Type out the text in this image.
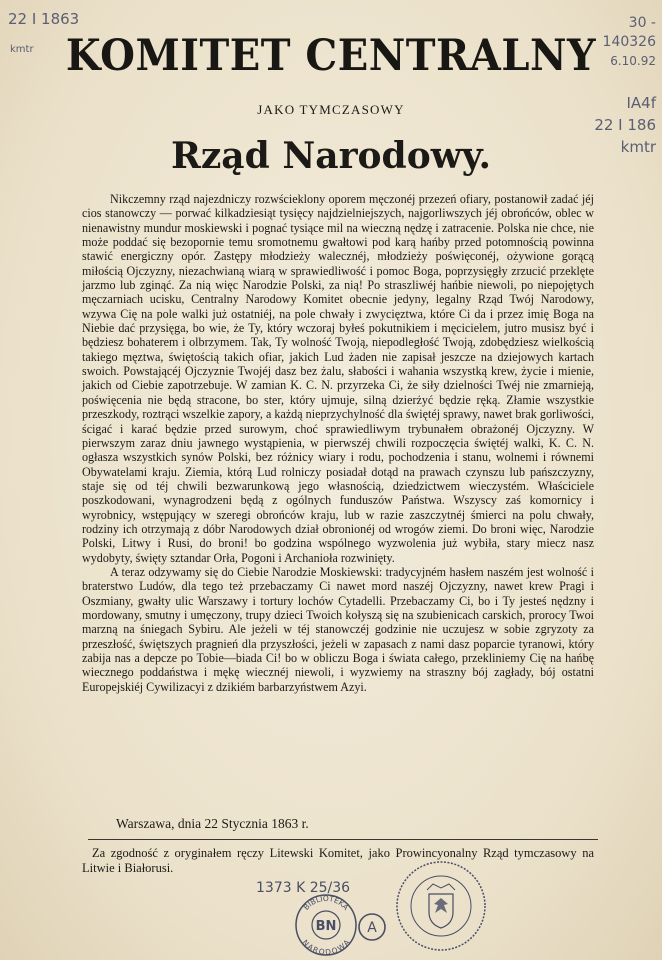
22 I 1863
kmtr
30 -
140326
6.10.92
IA4f
22 I 186
kmtr
KOMITET CENTRALNY
JAKO TYMCZASOWY
Rząd Narodowy.

Nikczemny rząd najezdniczy rozwścieklony oporem męczonéj przezeń ofiary, postanowił zadać jéj cios stanowczy — porwać kilkadziesiąt tysięcy najdzielniejszych, najgorliwszych jéj obrońców, oblec w nienawistny mundur moskiewski i pognać tysiące mil na wieczną nędzę i zatracenie. Polska nie chce, nie może poddać się bezopornie temu sromotnemu gwałtowi pod karą hańby przed potomnością powinna stawić energiczny opór. Zastępy młodzieży walecznéj, młodzieży poświęconéj, ożywione gorącą miłością Ojczyzny, niezachwianą wiarą w sprawiedliwość i pomoc Boga, poprzysięgły zrzucić przeklęte jarzmo lub zginąć. Za nią więc Narodzie Polski, za nią! Po straszliwéj hańbie niewoli, po niepojętych męczarniach ucisku, Centralny Narodowy Komitet obecnie jedyny, legalny Rząd Twój Narodowy, wzywa Cię na pole walki już ostatniéj, na pole chwały i zwycięztwa, które Ci da i przez imię Boga na Niebie dać przysięga, bo wie, że Ty, który wczoraj byłeś pokutnikiem i męcicielem, jutro musisz być i będziesz bohaterem i olbrzymem. Tak, Ty wolność Twoją, niepodległość Twoją, zdobędziesz wielkością takiego męztwa, świętością takich ofiar, jakich Lud żaden nie zapisał jeszcze na dziejowych kartach swoich. Powstającéj Ojczyznie Twojéj dasz bez żalu, słabości i wahania wszystką krew, życie i mienie, jakich od Ciebie zapotrzebuje. W zamian K. C. N. przyrzeka Ci, że siły dzielności Twéj nie zmarnieją, poświęcenia nie będą stracone, bo ster, który ujmuje, silną dzierżyć będzie ręką. Złamie wszystkie przeszkody, roztrąci wszelkie zapory, a każdą nieprzychylność dla świętéj sprawy, nawet brak gorliwości, ścigać i karać będzie przed surowym, choć sprawiedliwym trybunałem obrażonéj Ojczyzny. W pierwszym zaraz dniu jawnego wystąpienia, w pierwszéj chwili rozpoczęcia świętéj walki, K. C. N. ogłasza wszystkich synów Polski, bez różnicy wiary i rodu, pochodzenia i stanu, wolnemi i równemi Obywatelami kraju. Ziemia, którą Lud rolniczy posiadał dotąd na prawach czynszu lub pańszczyzny, staje się od téj chwili bezwarunkową jego własnością, dziedzictwem wieczystém. Właściciele poszkodowani, wynagrodzeni będą z ogólnych funduszów Państwa. Wszyscy zaś komornicy i wyrobnicy, wstępujący w szeregi obrońców kraju, lub w razie zaszczytnéj śmierci na polu chwały, rodziny ich otrzymają z dóbr Narodowych dział obronionéj od wrogów ziemi. Do broni więc, Narodzie Polski, Litwy i Rusi, do broni! bo godzina wspólnego wyzwolenia już wybiła, stary miecz nasz wydobyty, święty sztandar Orła, Pogoni i Archanioła rozwinięty.

A teraz odzywamy się do Ciebie Narodzie Moskiewski: tradycyjném hasłem naszém jest wolność i braterstwo Ludów, dla tego też przebaczamy Ci nawet mord naszéj Ojczyzny, nawet krew Pragi i Oszmiany, gwałty ulic Warszawy i tortury lochów Cytadelli. Przebaczamy Ci, bo i Ty jesteś nędzny i mordowany, smutny i umęczony, trupy dzieci Twoich kołyszą się na szubienicach carskich, prorocy Twoi marzną na śniegach Sybiru. Ale jeżeli w téj stanowczéj godzinie nie uczujesz w sobie zgryzoty za przeszłość, świętszych pragnień dla przyszłości, jeżeli w zapasach z nami dasz poparcie tyranowi, który zabija nas a depcze po Tobie—biada Ci! bo w obliczu Boga i świata całego, przekliniemy Cię na hańbę wiecznego poddaństwa i mękę wiecznéj niewoli, i wyzwiemy na straszny bój zagłady, bój ostatni Europejskiéj Cywilizacyi z dzikiém barbarzyństwem Azyi.

Warszawa, dnia 22 Stycznia 1863 r.
Za zgodność z oryginałem ręczy Litewski Komitet, jako Prowincyonalny Rząd tymczasowy na Litwie i Białorusi.
1373 K 25/36
BIBLIOTEKA
NARODOWA
BN A
